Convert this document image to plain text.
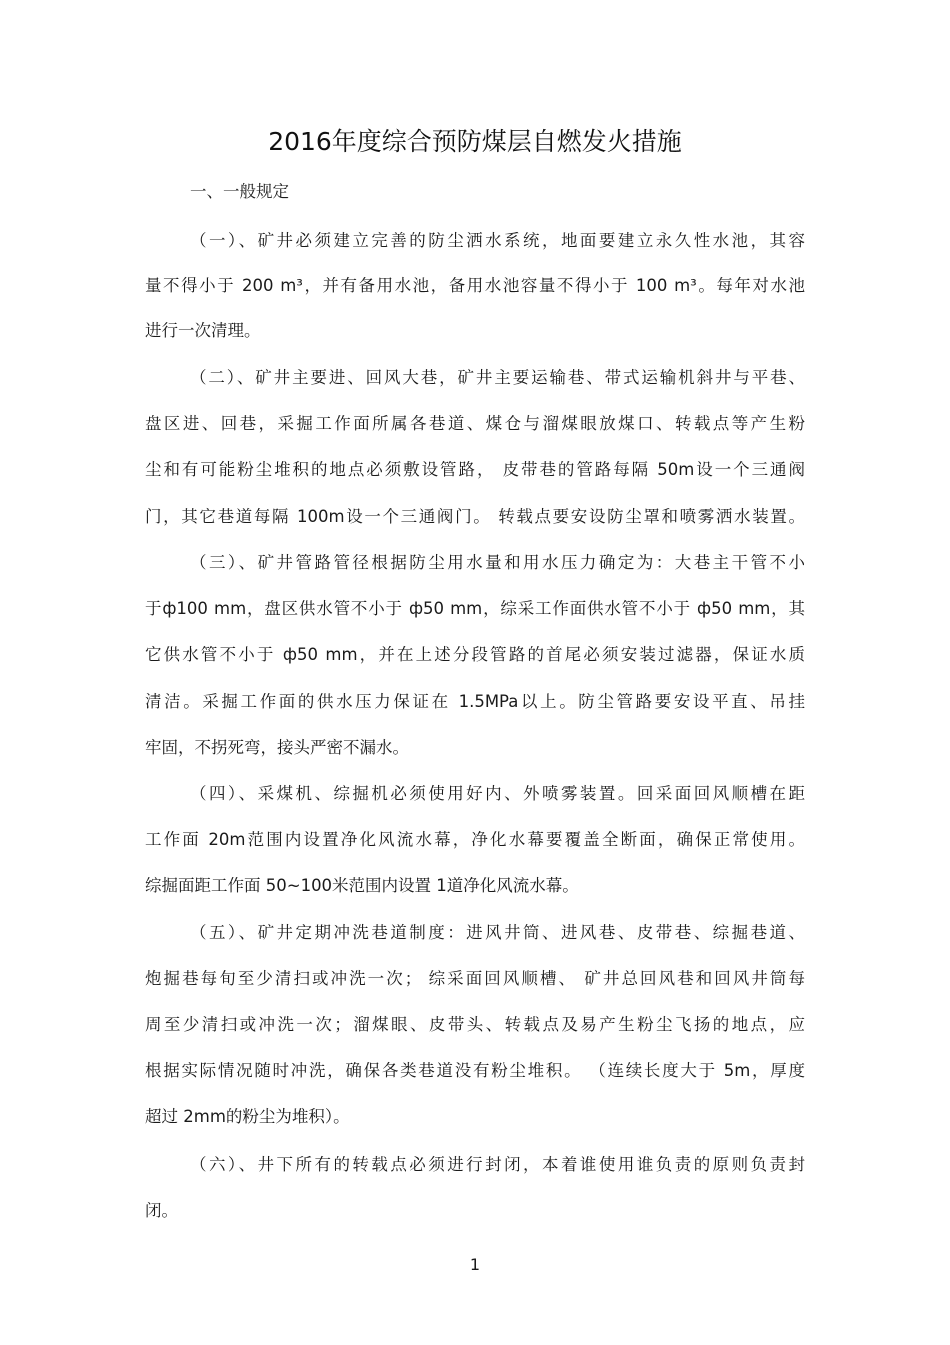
2016年度综合预防煤层自燃发火措施
一、一般规定
（一）、矿井必须建立完善的防尘洒水系统，地面要建立永久性水池，其容
量不得小于 200 m³，并有备用水池，备用水池容量不得小于 100 m³。每年对水池
进行一次清理。
（二）、矿井主要进、回风大巷，矿井主要运输巷、带式运输机斜井与平巷、
盘区进、回巷，采掘工作面所属各巷道、煤仓与溜煤眼放煤口、转载点等产生粉
尘和有可能粉尘堆积的地点必须敷设管路， 皮带巷的管路每隔 50m设一个三通阀
门，其它巷道每隔 100m设一个三通阀门。 转载点要安设防尘罩和喷雾洒水装置。
（三）、矿井管路管径根据防尘用水量和用水压力确定为：大巷主干管不小
于ф100 mm，盘区供水管不小于 ф50 mm，综采工作面供水管不小于 ф50 mm，其
它供水管不小于 ф50 mm，并在上述分段管路的首尾必须安装过滤器，保证水质
清洁。采掘工作面的供水压力保证在 1.5MPa以上。防尘管路要安设平直、吊挂
牢固，不拐死弯，接头严密不漏水。
（四）、采煤机、综掘机必须使用好内、外喷雾装置。回采面回风顺槽在距
工作面 20m范围内设置净化风流水幕，净化水幕要覆盖全断面，确保正常使用。
综掘面距工作面 50~100米范围内设置 1道净化风流水幕。
（五）、矿井定期冲洗巷道制度：进风井筒、进风巷、皮带巷、综掘巷道、
炮掘巷每旬至少清扫或冲洗一次； 综采面回风顺槽、 矿井总回风巷和回风井筒每
周至少清扫或冲洗一次；溜煤眼、皮带头、转载点及易产生粉尘飞扬的地点，应
根据实际情况随时冲洗，确保各类巷道没有粉尘堆积。 （连续长度大于 5m，厚度
超过 2mm的粉尘为堆积）。
（六）、井下所有的转载点必须进行封闭，本着谁使用谁负责的原则负责封
闭。
1
